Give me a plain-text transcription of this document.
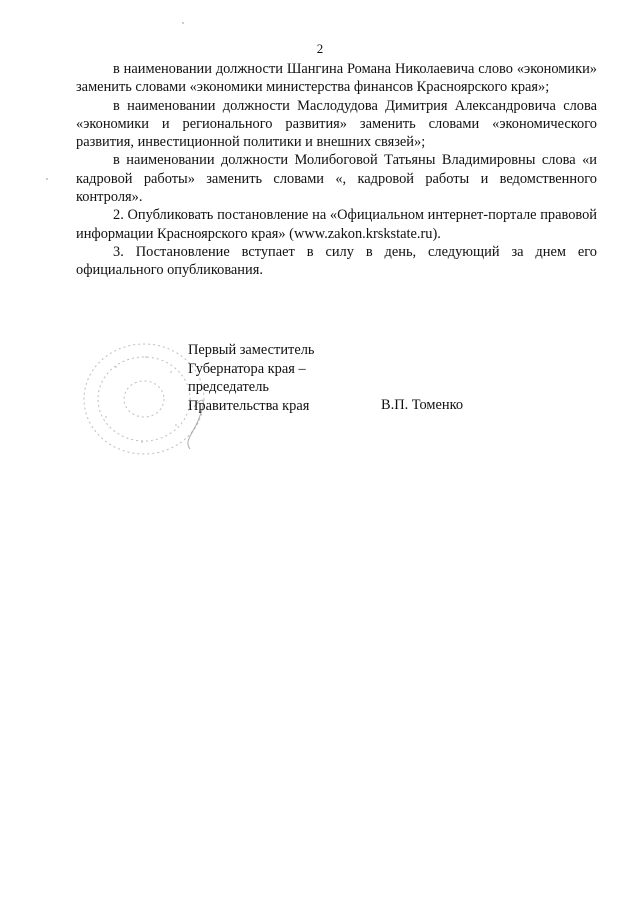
2

в наименовании должности Шангина Романа Николаевича слово «экономики» заменить словами «экономики министерства финансов Красноярского края»;

в наименовании должности Маслодудова Димитрия Александровича слова «экономики и регионального развития» заменить словами «экономического развития, инвестиционной политики и внешних связей»;

в наименовании должности Молибоговой Татьяны Владимировны слова «и кадровой работы» заменить словами «, кадровой работы и ведомственного контроля».

2. Опубликовать постановление на «Официальном интернет-портале правовой информации Красноярского края» (www.zakon.krskstate.ru).

3. Постановление вступает в силу в день, следующий за днем его официального опубликования.

Первый заместитель
Губернатора края –
председатель
Правительства края	В.П. Томенко
